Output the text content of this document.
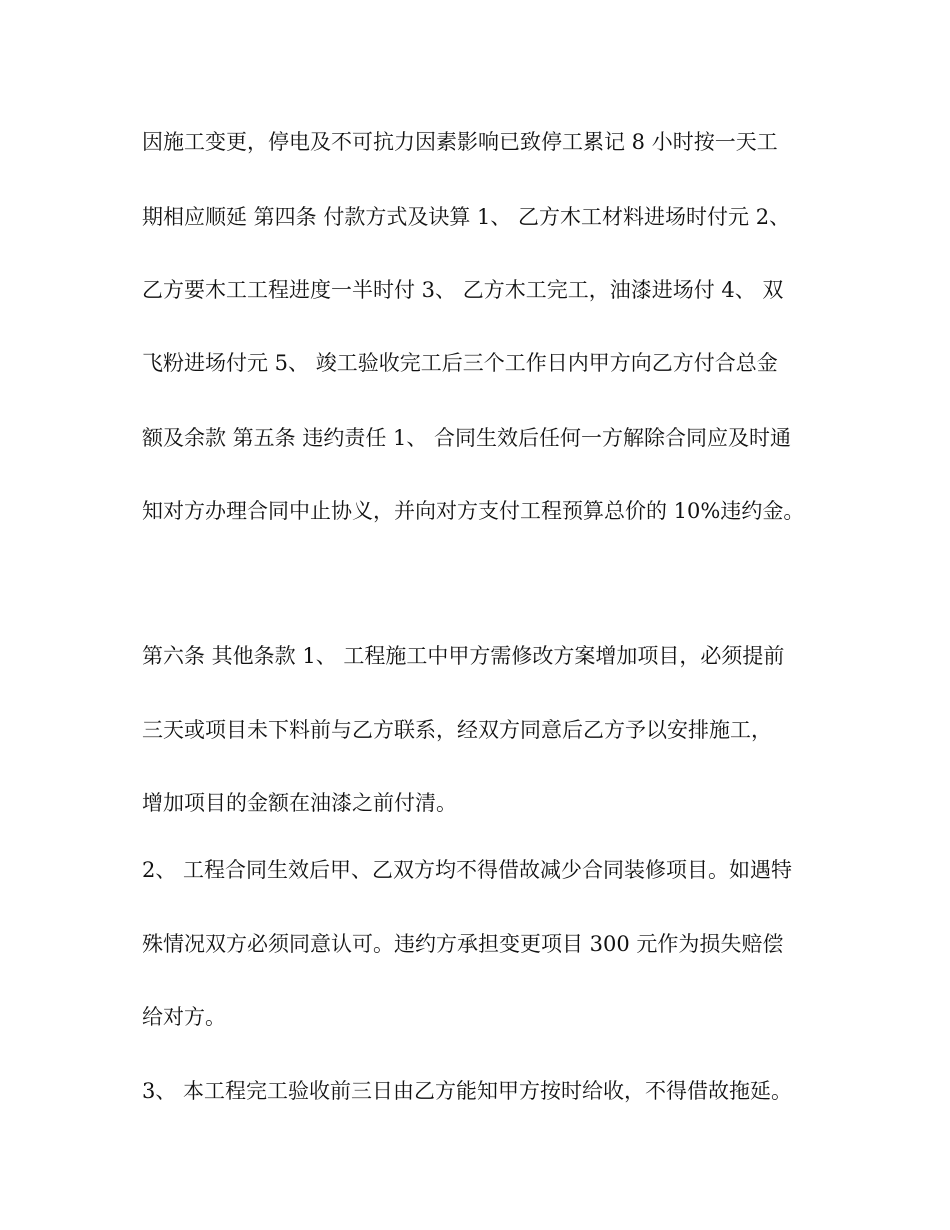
因施工变更，停电及不可抗力因素影响已致停工累记 8 小时按一天工
期相应顺延 第四条 付款方式及诀算 1、 乙方木工材料进场时付元 2、
乙方要木工工程进度一半时付 3、 乙方木工完工，油漆进场付 4、 双
飞粉进场付元 5、 竣工验收完工后三个工作日内甲方向乙方付合总金
额及余款 第五条 违约责任 1、 合同生效后任何一方解除合同应及时通
知对方办理合同中止协义，并向对方支付工程预算总价的 10%违约金。
第六条 其他条款 1、 工程施工中甲方需修改方案增加项目，必须提前
三天或项目未下料前与乙方联系，经双方同意后乙方予以安排施工，
增加项目的金额在油漆之前付清。
2、 工程合同生效后甲、乙双方均不得借故减少合同装修项目。如遇特
殊情况双方必须同意认可。违约方承担变更项目 300 元作为损失赔偿
给对方。
3、 本工程完工验收前三日由乙方能知甲方按时给收，不得借故拖延。
